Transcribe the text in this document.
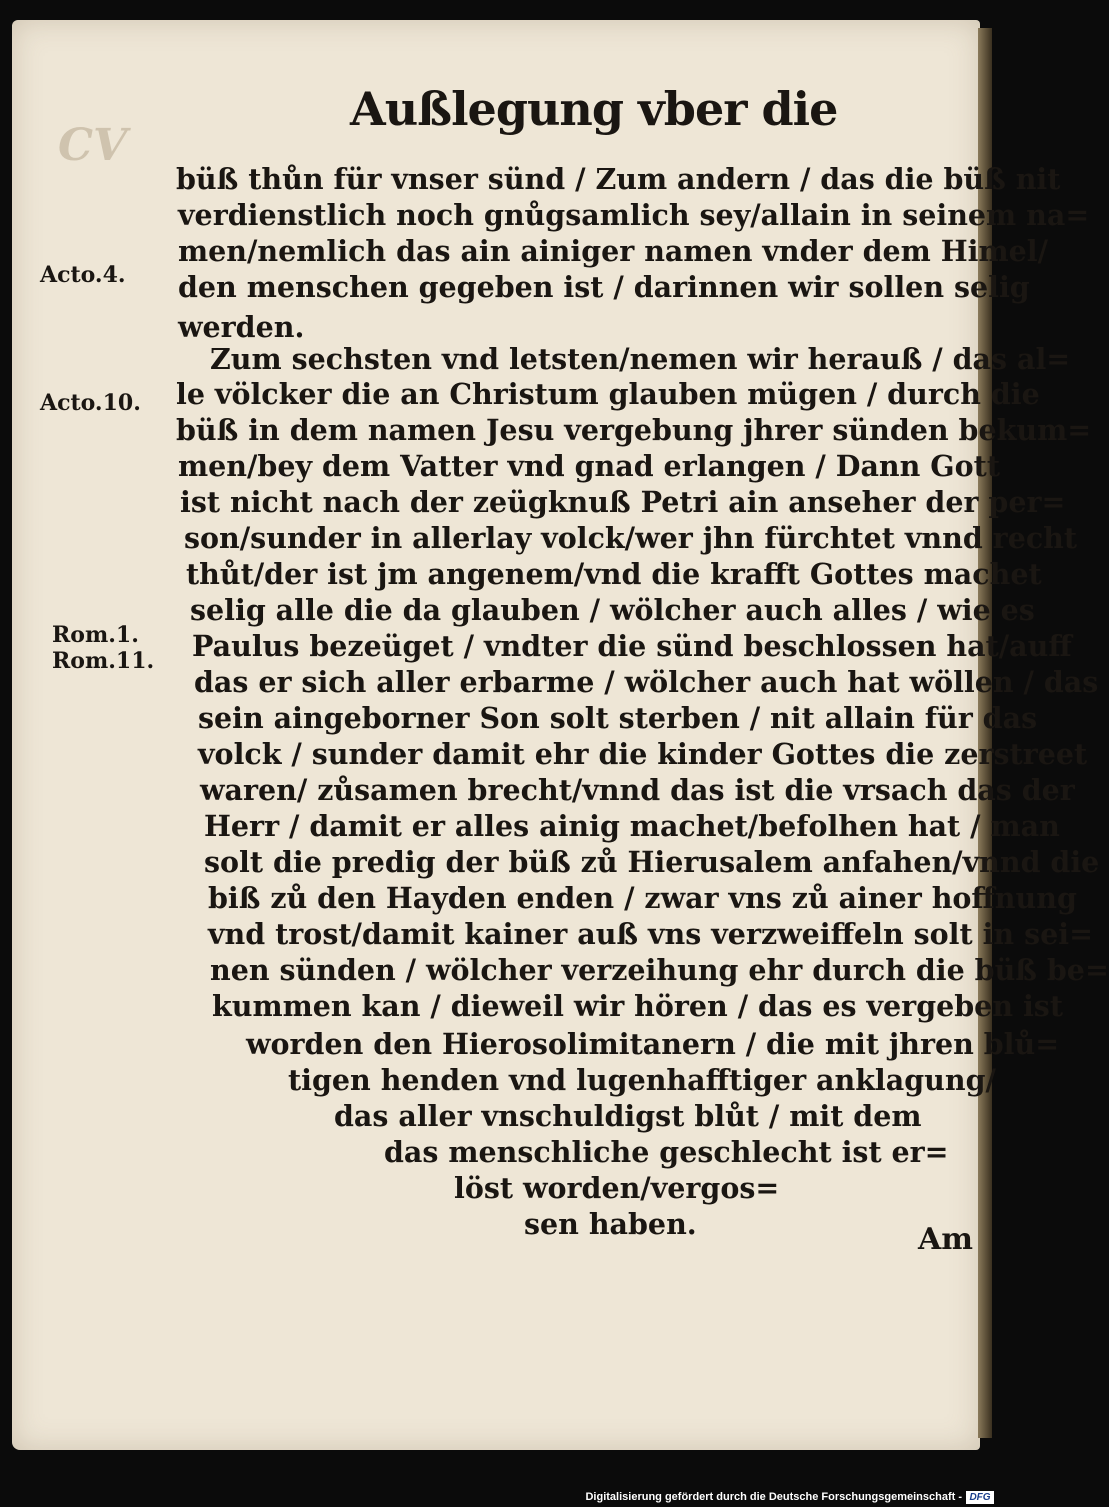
CV
Außlegung vber die
büß thůn für vnser sünd / Zum andern / das die büß nit
verdienstlich noch gnůgsamlich sey/allain in seinem na=
men/nemlich das ain ainiger namen vnder dem Himel/
den menschen gegeben ist / darinnen wir sollen selig
werden.
Zum sechsten vnd letsten/nemen wir herauß / das al=
le völcker die an Christum glauben mügen / durch die
büß in dem namen Jesu vergebung jhrer sünden bekum=
men/bey dem Vatter vnd gnad erlangen / Dann Gott
ist nicht nach der zeügknuß Petri ain anseher der per=
son/sunder in allerlay volck/wer jhn fürchtet vnnd recht
thůt/der ist jm angenem/vnd die krafft Gottes machet
selig alle die da glauben / wölcher auch alles / wie es
Paulus bezeüget / vndter die sünd beschlossen hat/auff
das er sich aller erbarme / wölcher auch hat wöllen / das
sein aingeborner Son solt sterben / nit allain für das
volck / sunder damit ehr die kinder Gottes die zerstreet
waren/ zůsamen brecht/vnnd das ist die vrsach das der
Herr / damit er alles ainig machet/befolhen hat / man
solt die predig der büß zů Hierusalem anfahen/vnnd die
biß zů den Hayden enden / zwar vns zů ainer hoffnung
vnd trost/damit kainer auß vns verzweiffeln solt in sei=
nen sünden / wölcher verzeihung ehr durch die büß be=
kummen kan / dieweil wir hören / das es vergeben ist
worden den Hierosolimitanern / die mit jhren blů=
tigen henden vnd lugenhafftiger anklagung/
das aller vnschuldigst blůt / mit dem
das menschliche geschlecht ist er=
löst worden/vergos=
sen haben.
Acto.4.
Acto.10.
Rom.1.
Rom.11.
Am
Digitalisierung gefördert durch die Deutsche Forschungsgemeinschaft - DFG
